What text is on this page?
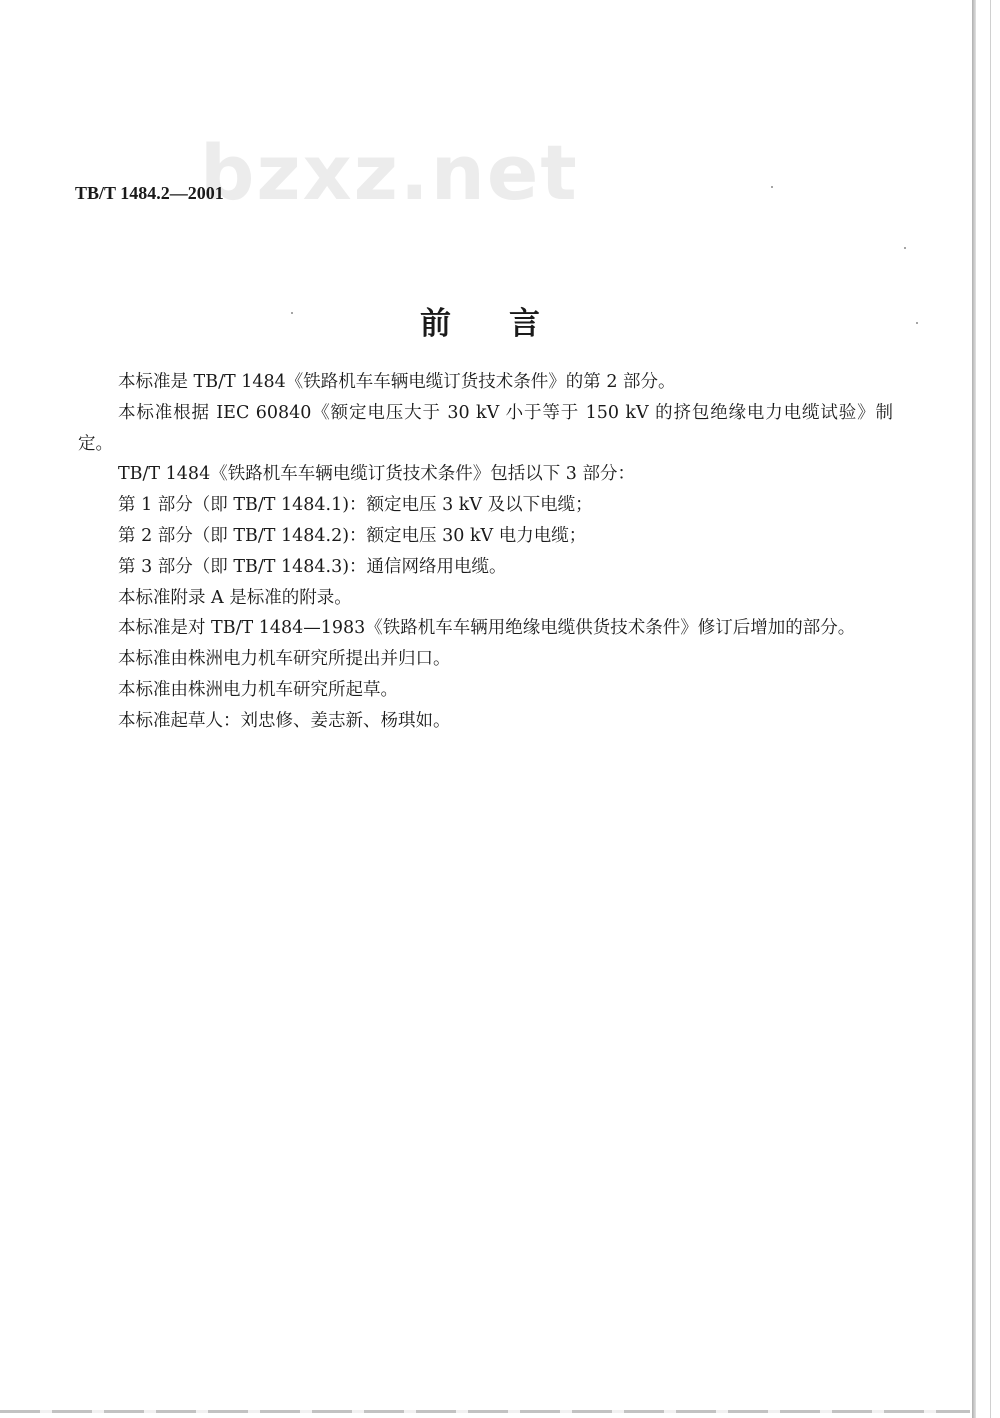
bzxz.net
TB/T 1484.2—2001
前言

本标准是 TB/T 1484《铁路机车车辆电缆订货技术条件》的第 2 部分。

本标准根据 IEC 60840《额定电压大于 30 kV 小于等于 150 kV 的挤包绝缘电力电缆试验》制定。

TB/T 1484《铁路机车车辆电缆订货技术条件》包括以下 3 部分：

第 1 部分（即 TB/T 1484.1)：额定电压 3 kV 及以下电缆；

第 2 部分（即 TB/T 1484.2)：额定电压 30 kV 电力电缆；

第 3 部分（即 TB/T 1484.3)：通信网络用电缆。

本标准附录 A 是标准的附录。

本标准是对 TB/T 1484—1983《铁路机车车辆用绝缘电缆供货技术条件》修订后增加的部分。

本标准由株洲电力机车研究所提出并归口。

本标准由株洲电力机车研究所起草。

本标准起草人：刘忠修、姜志新、杨琪如。
